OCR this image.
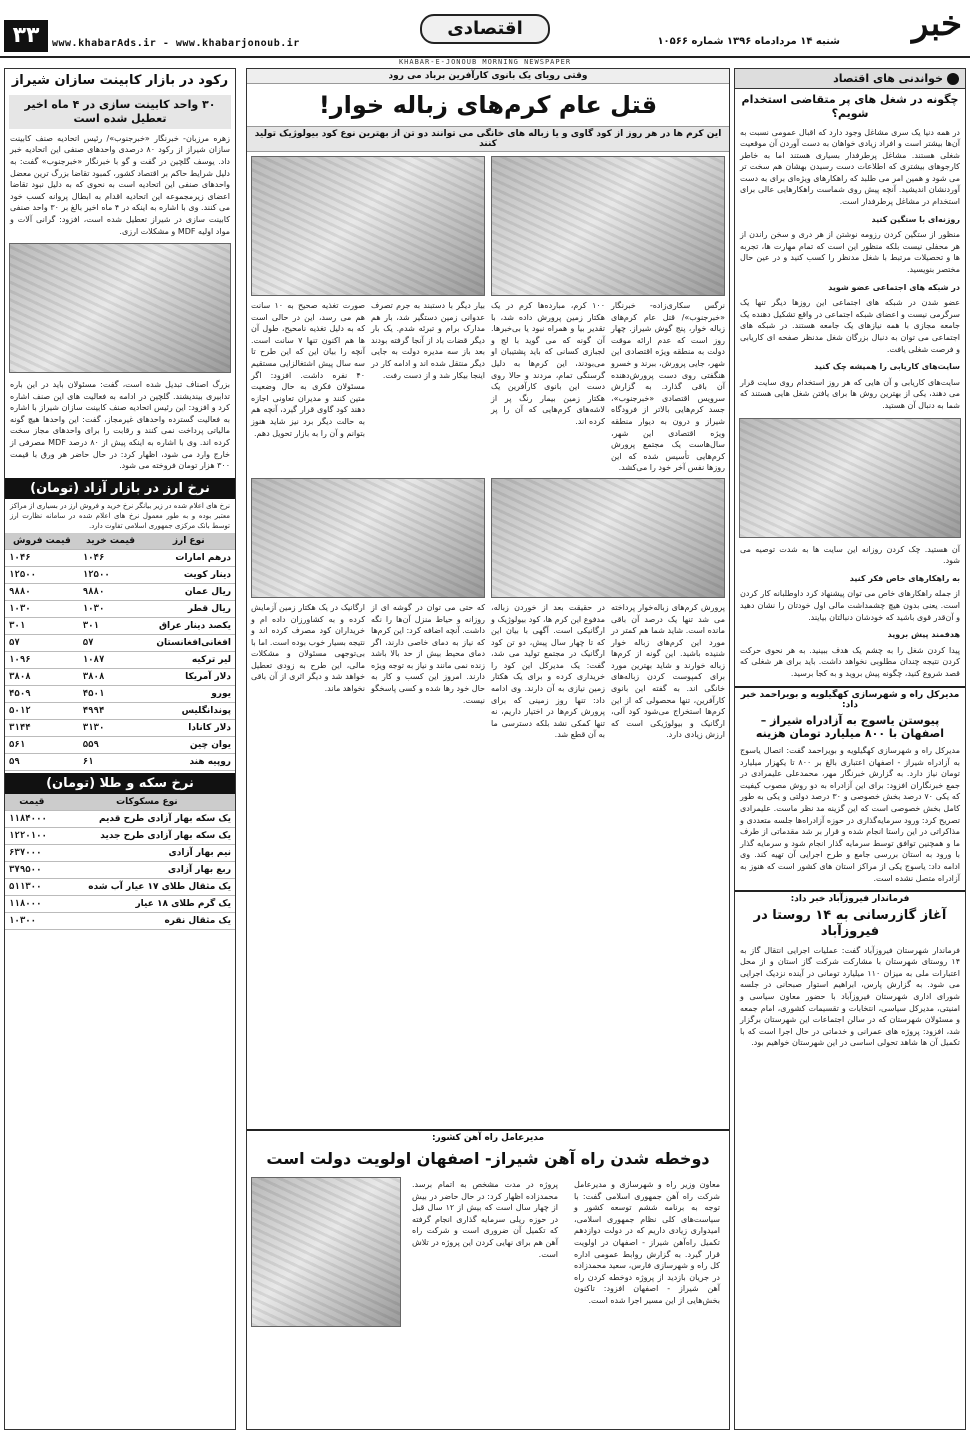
خبر
شنبه ۱۴ مردادماه ۱۳۹۶ شماره ۱۰۵۶۶
اقتصادی
www.khabarAds.ir - www.khabarjonoub.ir
۳۳
KHABAR-E-JONOUB MORNING NEWSPAPER
خواندنی های اقتصاد
چگونه در شغل های پر متقاضی استخدام شویم؟
در همه دنیا یک سری مشاغل وجود دارد که اقبال عمومی نسبت به آن‌ها بیشتر است و افراد زیادی خواهان به دست آوردن آن موقعیت شغلی هستند. مشاغل پرطرفدار بسیاری هستند اما به خاطر کارجوهای بیشتری که اطلاعات دست رسیدن بهشان هم سخت تر می شود و همین امر می طلبد که راهکارهای ویژه‌ای برای به دست آوردنشان اندیشید. آنچه پیش روی شماست راهکارهایی عالی برای استخدام در مشاغل پرطرفدار است.
روزنه‌ای با ستگین کنید
منظور از ستگین کردن رزومه نوشتن از هر دری و سخن راندن از هر محفلی نیست بلکه منظور این است که تمام مهارت ها، تجربه ها و تحصیلات مرتبط با شغل مدنظر را کسب کنید و در عین حال مختصر بنویسید.
در شبکه های اجتماعی عضو شوید
عضو شدن در شبکه های اجتماعی این روزها دیگر تنها یک سرگرمی نیست و اعضای شبکه اجتماعی در واقع تشکیل دهنده یک جامعه مجازی با همه نیازهای یک جامعه هستند. در شبکه های اجتماعی می توان به دنبال بزرگان شغل مدنظر صفحه ای کاریابی و فرصت شغلی یافت.
سایت‌های کاریابی را همیشه چک کنید
سایت‌های کاریابی و آن هایی که هر روز استخدام روی سایت قرار می دهند، یکی از بهترین روش ها برای یافتن شغل هایی هستند که شما به دنبال آن هستید.
آن هستید. چک کردن روزانه این سایت ها به شدت توصیه می شود.
به راهکارهای خاص فکر کنید
از جمله راهکارهای خاص می توان پیشنهاد کرد داوطلبانه کار کردن است. یعنی بدون هیچ چشمداشت مالی اول خودتان را نشان دهید و آن‌قدر قوی باشید که خودشان دنبالتان بیایند.
هدفمند پیش بروید
پیدا کردن شغل را به چشم یک هدف ببینید. به هر نحوی حرکت کردن نتیجه چندان مطلوبی نخواهد داشت. باید برای هر شغلی که قصد شروع کنید، چگونه پیش بروید و به کجا برسید.
مدیرکل راه و شهرسازی کهگیلویه و بویراحمد خبر داد:
پیوستن یاسوج به آزادراه شیراز – اصفهان با ۸۰۰ میلیارد تومان هزینه
مدیرکل راه و شهرسازی کهگیلویه و بویراحمد گفت: اتصال یاسوج به آزادراه شیراز - اصفهان اعتباری بالغ بر ۸۰۰ تا یکهزار میلیارد تومان نیاز دارد. به گزارش خبرنگار مهر، محمدعلی علیمرادی در جمع خبرنگاران افزود: برای این آزادراه به دو روش مصوب کیفیت که یکی ۷۰ درصد بخش خصوصی و ۳۰ درصد دولتی و یکی به طور کامل بخش خصوصی است که این گزینه مد نظر ماست. علیمرادی تصریح کرد: ورود سرمایه‌گذاری در حوزه آزادراه‌ها جلسه متعددی و مذاکراتی در این راستا انجام شده و قرار بر شد مقدماتی از طرف ما و همچنین توافق توسط سرمایه گذار انجام شود و سرمایه گذار با ورود به استان بررسی جامع و طرح اجرایی آن تهیه کند. وی ادامه داد: یاسوج یکی از مراکز استان های کشور است که هنوز به آزادراه متصل نشده است.
فرماندار فیروزآباد خبر داد:
آغاز گازرسانی به ۱۴ روستا در فیروزآباد
فرماندار شهرستان فیروزآباد گفت: عملیات اجرایی انتقال گاز به ۱۴ روستای شهرستان با مشارکت شرکت گاز استان و از محل اعتبارات ملی به میزان ۱۱۰ میلیارد تومانی در آینده نزدیک اجرایی می شود. به گزارش پارس، ابراهیم استوار صبحانی در جلسه شورای اداری شهرستان فیروزآباد با حضور معاون سیاسی و امنیتی، مدیرکل سیاسی، انتخابات و تقسیمات کشوری، امام جمعه و مسئولان شهرستان که در سالن اجتماعات این شهرستان برگزار شد، افزود: پروژه های عمرانی و خدماتی در حال اجرا است که با تکمیل آن ها شاهد تحولی اساسی در این شهرستان خواهیم بود.
وقتی رویای یک بانوی کارآفرین برباد می رود
قتل عام کرم‌های زباله خوار!
این کرم ها در هر روز از کود گاوی و یا زباله های خانگی می توانند دو تن از بهترین نوع کود بیولوژیک تولید کنند
نرگس سکاری‌زاده- خبرنگار «خبرجنوب»/ قتل عام کرم‌های زباله خوار، پنج گوش شیراز. چهار روز است که عدم ارائه موقت دولت به منطقه ویژه اقتصادی این شهر، جایی پرورش، ببرند و خسرو هنگفتی روی دست پرورش‌دهنده آن باقی گذارد. به گزارش سرویس اقتصادی «خبرجنوب»، جسد کرم‌هایی بالاتر از فرودگاه شیراز و درون به دیوار منطقه ویژه اقتصادی این شهر، سال‌هاست یک مجتمع پرورش کرم‌هایی تأسیس شده که این روزها نفس آخر خود را می‌کشد.
۱۰۰ کرم، مبارده‌ها کرم در یک هکتار زمین پرورش داده شد، با تقدیر بیا و همراه نبود یا بی‌خبرها. آن گونه که می گوید با لج و لجبازی کسانی که باید پشتیبان او می‌بودند، این کرم‌ها به دلیل گرسنگی تمام، مردند و حالا روی دست این بانوی کارآفرین یک هکتار زمین بیمار رنگ پر از لاشه‌های کرم‌هایی که آن را پر کرده اند.
بیار دیگر با دستبند به جرم تصرف عدوانی زمین دستگیر شد، بار هم مدارک برام و تبرئه شدم. یک بار دیگر قضات باد از آنجا گرفته بودند بعد باز سه مدیره دولت به جایی دیگر منتقل شده اند و ادامه کار در اینجا بیکار شد و از دست رفت.
صورت تغذیه صحیح به ۱۰ سانت هم می رسد، این در حالی است که به دلیل تغذیه نامحیح، طول آن ها هم اکنون تنها ۷ سانت است. آنچه را بیان این که این طرح تا سه سال پیش اشتغالزایی مستقیم ۴۰ نفره داشت. افزود: اگر مسئولان فکری به حال وضعیت متین کنند و مدیران تعاونی اجازه دهند کود گاوی قرار گیرد، آنچه هم به حالت دیگر برد نیز شاید هنوز بتوانم و آن را به بازار تحویل دهم.
پرورش کرم‌های زباله‌خوار پرداخته می شد تنها یک درصد آن باقی مانده است. شاید شما هم کمتر در مورد این کرم‌های زباله خوار شنیده باشید. این گونه از کرم‌ها زباله خوارند و شاید بهترین مورد برای کمپوست کردن زباله‌های خانگی اند. به گفته این بانوی کارآفرین، تنها محصولی که از این کرم‌ها استخراج می‌شود کود آلی، ارگانیک و بیولوژیکی است که ارزش زیادی دارد.
در حقیقت بعد از خوردن زباله، مدفوع این کرم ها، کود بیولوژیک و ارگانیکی است. آگهی با بیان این که تا چهار سال پیش، دو تن کود ارگانیک در مجتمع تولید می شد، گفت: یک مدیرکل این کود را خریداری کرده و برای یک هکتار زمین نیازی به آن دارند. وی ادامه داد: تنها روز زمینی که برای پرورش کرم‌ها در اختیار داریم، نه تنها کمکی نشد بلکه دسترسی ما به آن قطع شد.
که حتی می توان در گوشه ای از روزانه و حیاط منزل آن‌ها را نگه داشت. آنچه اضافه کرد: این کرم‌ها که نیاز به دمای خاصی دارند، اگر دمای محیط بیش از حد بالا باشد زنده نمی مانند و نیاز به توجه ویژه دارند. امروز این کسب و کار به حال خود رها شده و کسی پاسخگو نیست.
ارگانیک در یک هکتار زمین آزمایش کرده و به کشاورزان داده ام و خریداران کود مصرف کرده اند و نتیجه بسیار خوب بوده است. اما با بی‌توجهی مسئولان و مشکلات مالی، این طرح به زودی تعطیل خواهد شد و دیگر اثری از آن باقی نخواهد ماند.
مدیرعامل راه آهن کشور:
دوخطه شدن راه آهن شیراز- اصفهان اولویت دولت است
معاون وزیر راه و شهرسازی و مدیرعامل شرکت راه آهن جمهوری اسلامی گفت: با توجه به برنامه ششم توسعه کشور و سیاست‌های کلی نظام جمهوری اسلامی، امیدواری زیادی داریم که در دولت دوازدهم تکمیل راه‌آهن شیراز - اصفهان در اولویت قرار گیرد. به گزارش روابط عمومی اداره کل راه و شهرسازی فارس، سعید محمدزاده در جریان بازدید از پروژه دوخطه کردن راه آهن شیراز - اصفهان افزود: تاکنون بخش‌هایی از این مسیر اجرا شده است.
پروژه در مدت مشخص به اتمام برسد. محمدزاده اظهار کرد: در حال حاضر در بیش از چهار سال است که بیش از ۱۲ سال قبل در حوزه ریلی سرمایه گذاری انجام گرفته که تکمیل آن ضروری است و شرکت راه آهن هم برای نهایی کردن این پروژه در تلاش است.
رکود در بازار کابینت سازان شیراز
۳۰ واحد کابینت سازی در ۴ ماه اخیر تعطیل شده است
زهره مرزبان- خبرنگار «خبرجنوب»/ رئیس اتحادیه صنف کابینت سازان شیراز از رکود ۸۰ درصدی واحدهای صنفی این اتحادیه خبر داد. یوسف گلچین در گفت و گو با خبرنگار «خبرجنوب» گفت: به دلیل شرایط حاکم بر اقتصاد کشور، کمبود تقاضا بزرگ ترین معضل واحدهای صنفی این اتحادیه است به نحوی که به دلیل نبود تقاضا اعضای زیرمجموعه این اتحادیه اقدام به ابطال پروانه کسب خود می کنند. وی با اشاره به اینکه در ۴ ماه اخیر بالغ بر ۳۰ واحد صنفی کابینت سازی در شیراز تعطیل شده است، افزود: گرانی آلات و مواد اولیه MDF و مشکلات ارزی.
بزرگ اصناف تبدیل شده است، گفت: مسئولان باید در این باره تدابیری بیندیشند. گلچین در ادامه به فعالیت های این صنف اشاره کرد و افزود: این رئیس اتحادیه صنف کابینت سازان شیراز با اشاره به فعالیت گسترده واحدهای غیرمجاز، گفت: این واحدها هیچ گونه مالیاتی پرداخت نمی کنند و رقابت را برای واحدهای مجاز سخت کرده اند. وی با اشاره به اینکه پیش از ۸۰ درصد MDF مصرفی از خارج وارد می شود، اظهار کرد: در حال حاضر هر ورق با قیمت ۳۰۰ هزار تومان فروخته می شود.
نرخ ارز در بازار آزاد (تومان)
نرخ های اعلام شده در زیر بیانگر نرخ خرید و فروش ارز در بسیاری از مراکز معتبر بوده و به طور معمول نرخ های اعلام شده در سامانه نظارت ارز توسط بانک مرکزی جمهوری اسلامی تفاوت دارد.
نوع ارز	قیمت خرید	قیمت فروش
درهم امارات	۱۰۴۶	۱۰۴۶
دینار کویت	۱۲۵۰۰	۱۲۵۰۰
ریال عمان	۹۸۸۰	۹۸۸۰
ریال قطر	۱۰۳۰	۱۰۳۰
یکصد دینار عراق	۳۰۱	۳۰۱
افغانی‌افغانستان	۵۷	۵۷
لیر ترکیه	۱۰۸۷	۱۰۹۶
دلار آمریکا	۳۸۰۸	۳۸۰۸
یورو	۴۵۰۱	۴۵۰۹
پوند‌انگلیس	۴۹۹۴	۵۰۱۲
دلار کانادا	۳۱۳۰	۳۱۴۴
یوان چین	۵۵۹	۵۶۱
روپیه هند	۶۱	۵۹
نرخ سکه و طلا (تومان)
نوع مسکوکات	قیمت
یک سکه بهار آزادی طرح قدیم	۱۱۸۴۰۰۰
یک سکه بهار آزادی طرح جدید	۱۲۲۰۱۰۰
نیم بهار آزادی	۶۳۷۰۰۰
ربع بهار آزادی	۳۷۹۵۰۰
یک مثقال طلای ۱۷ عیار آب شده	۵۱۱۳۰۰
یک گرم طلای ۱۸ عیار	۱۱۸۰۰۰
یک مثقال نقره	۱۰۳۰۰
